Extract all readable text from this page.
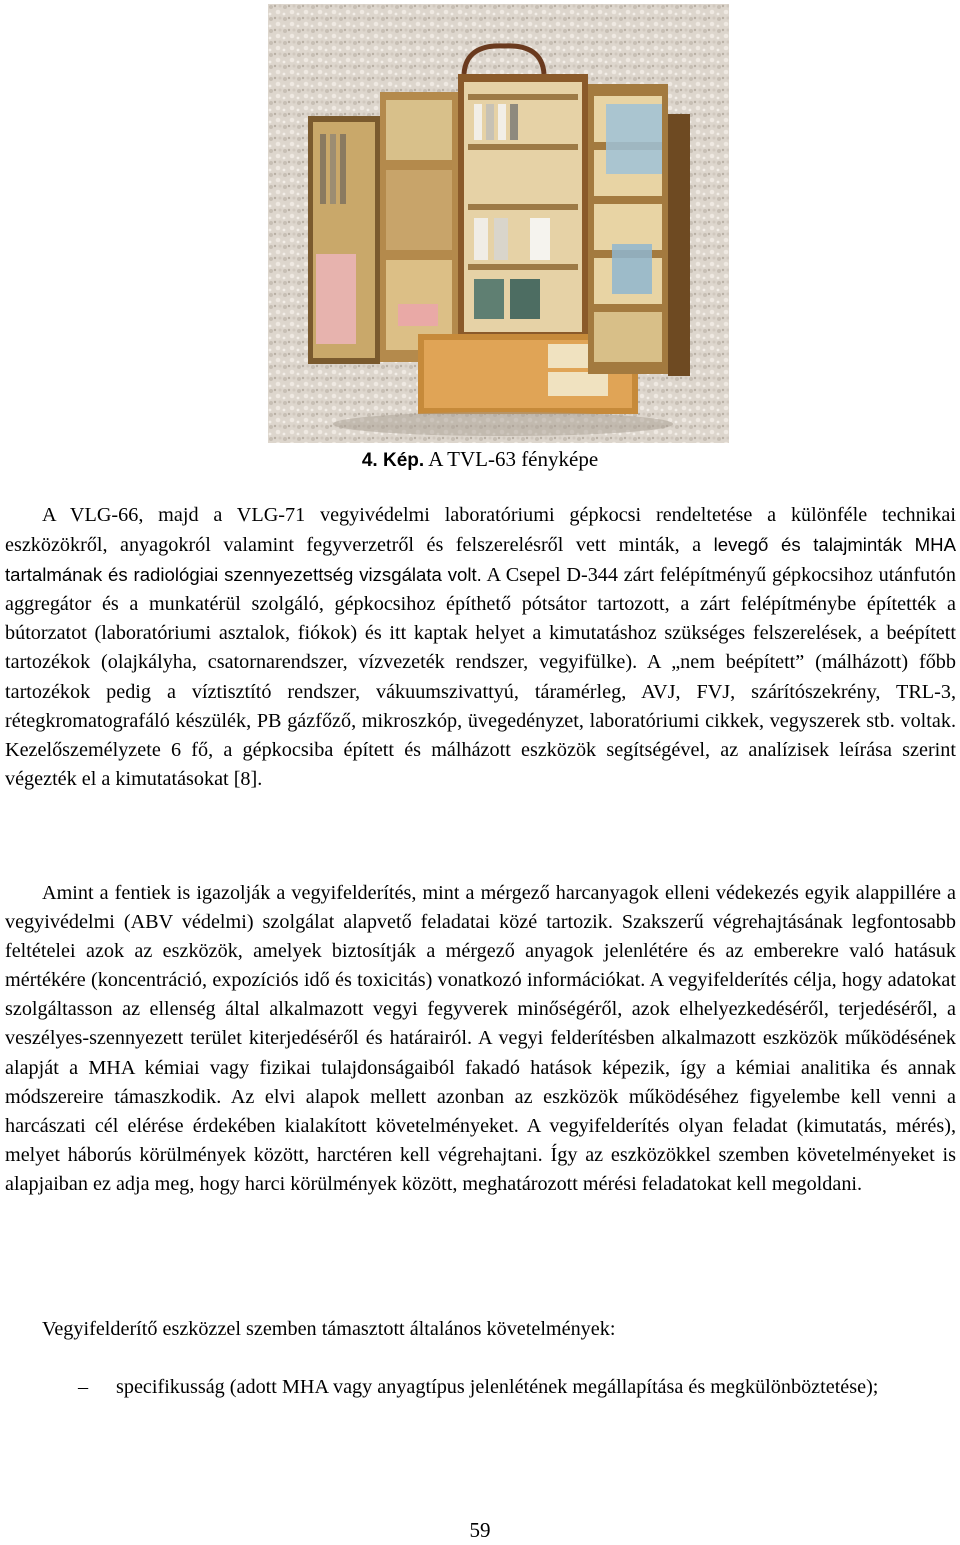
4. Kép. A TVL-63 fényképe

A VLG-66, majd a VLG-71 vegyivédelmi laboratóriumi gépkocsi rendeltetése a különféle technikai eszközökről, anyagokról valamint fegyverzetről és felszerelésről vett minták, a levegő és talajminták MHA tartalmának és radiológiai szennyezettség vizsgálata volt. A Csepel D-344 zárt felépítményű gépkocsihoz utánfutón aggregátor és a munkatérül szolgáló, gépkocsihoz építhető pótsátor tartozott, a zárt felépítménybe építették a bútorzatot (laboratóriumi asztalok, fiókok) és itt kaptak helyet a kimutatáshoz szükséges felszerelések, a beépített tartozékok (olajkályha, csatornarendszer, vízvezeték rendszer, vegyifülke). A „nem beépített” (málházott) főbb tartozékok pedig a víztisztító rendszer, vákuumszivattyú, táramérleg, AVJ, FVJ, szárítószekrény, TRL-3, rétegkromatografáló készülék, PB gázfőző, mikroszkóp, üvegedényzet, laboratóriumi cikkek, vegyszerek stb. voltak. Kezelőszemélyzete 6 fő, a gépkocsiba épített és málházott eszközök segítségével, az analízisek leírása szerint végezték el a kimutatásokat [8].

Amint a fentiek is igazolják a vegyifelderítés, mint a mérgező harcanyagok elleni védekezés egyik alappillére a vegyivédelmi (ABV védelmi) szolgálat alapvető feladatai közé tartozik. Szakszerű végrehajtásának legfontosabb feltételei azok az eszközök, amelyek biztosítják a mérgező anyagok jelenlétére és az emberekre való hatásuk mértékére (koncentráció, expozíciós idő és toxicitás) vonatkozó információkat. A vegyifelderítés célja, hogy adatokat szolgáltasson az ellenség által alkalmazott vegyi fegyverek minőségéről, azok elhelyezkedéséről, terjedéséről, a veszélyes-szennyezett terület kiterjedéséről és határairól. A vegyi felderítésben alkalmazott eszközök működésének alapját a MHA kémiai vagy fizikai tulajdonságaiból fakadó hatások képezik, így a kémiai analitika és annak módszereire támaszkodik. Az elvi alapok mellett azonban az eszközök működéséhez figyelembe kell venni a harcászati cél elérése érdekében kialakított követelményeket. A vegyifelderítés olyan feladat (kimutatás, mérés), melyet háborús körülmények között, harctéren kell végrehajtani. Így az eszközökkel szemben követelményeket is alapjaiban ez adja meg, hogy harci körülmények között, meghatározott mérési feladatokat kell megoldani.

Vegyifelderítő eszközzel szemben támasztott általános követelmények:

–	specifikusság (adott MHA vagy anyagtípus jelenlétének megállapítása és megkülönböztetése);
59
